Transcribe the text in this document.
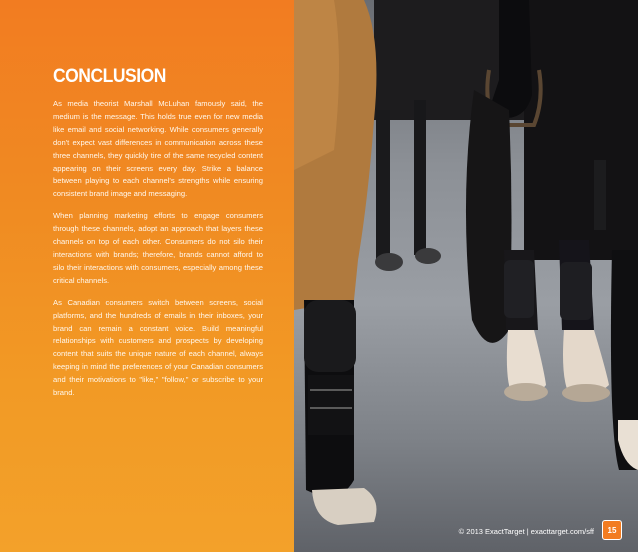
CONCLUSION

As media theorist Marshall McLuhan famously said, the medium is the message. This holds true even for new media like email and social networking. While consumers generally don't expect vast differences in communication across these three channels, they quickly tire of the same recycled content appearing on their screens every day. Strike a balance between playing to each channel's strengths while ensuring consistent brand image and messaging.

When planning marketing efforts to engage consumers through these channels, adopt an approach that layers these channels on top of each other. Consumers do not silo their interactions with brands; therefore, brands cannot afford to silo their interactions with consumers, especially among these critical channels.

As Canadian consumers switch between screens, social platforms, and the hundreds of emails in their inboxes, your brand can remain a constant voice. Build meaningful relationships with customers and prospects by developing content that suits the unique nature of each channel, always keeping in mind the preferences of your Canadian consumers and their motivations to "like," "follow," or subscribe to your brand.

© 2013 ExactTarget | exacttarget.com/sff	15
